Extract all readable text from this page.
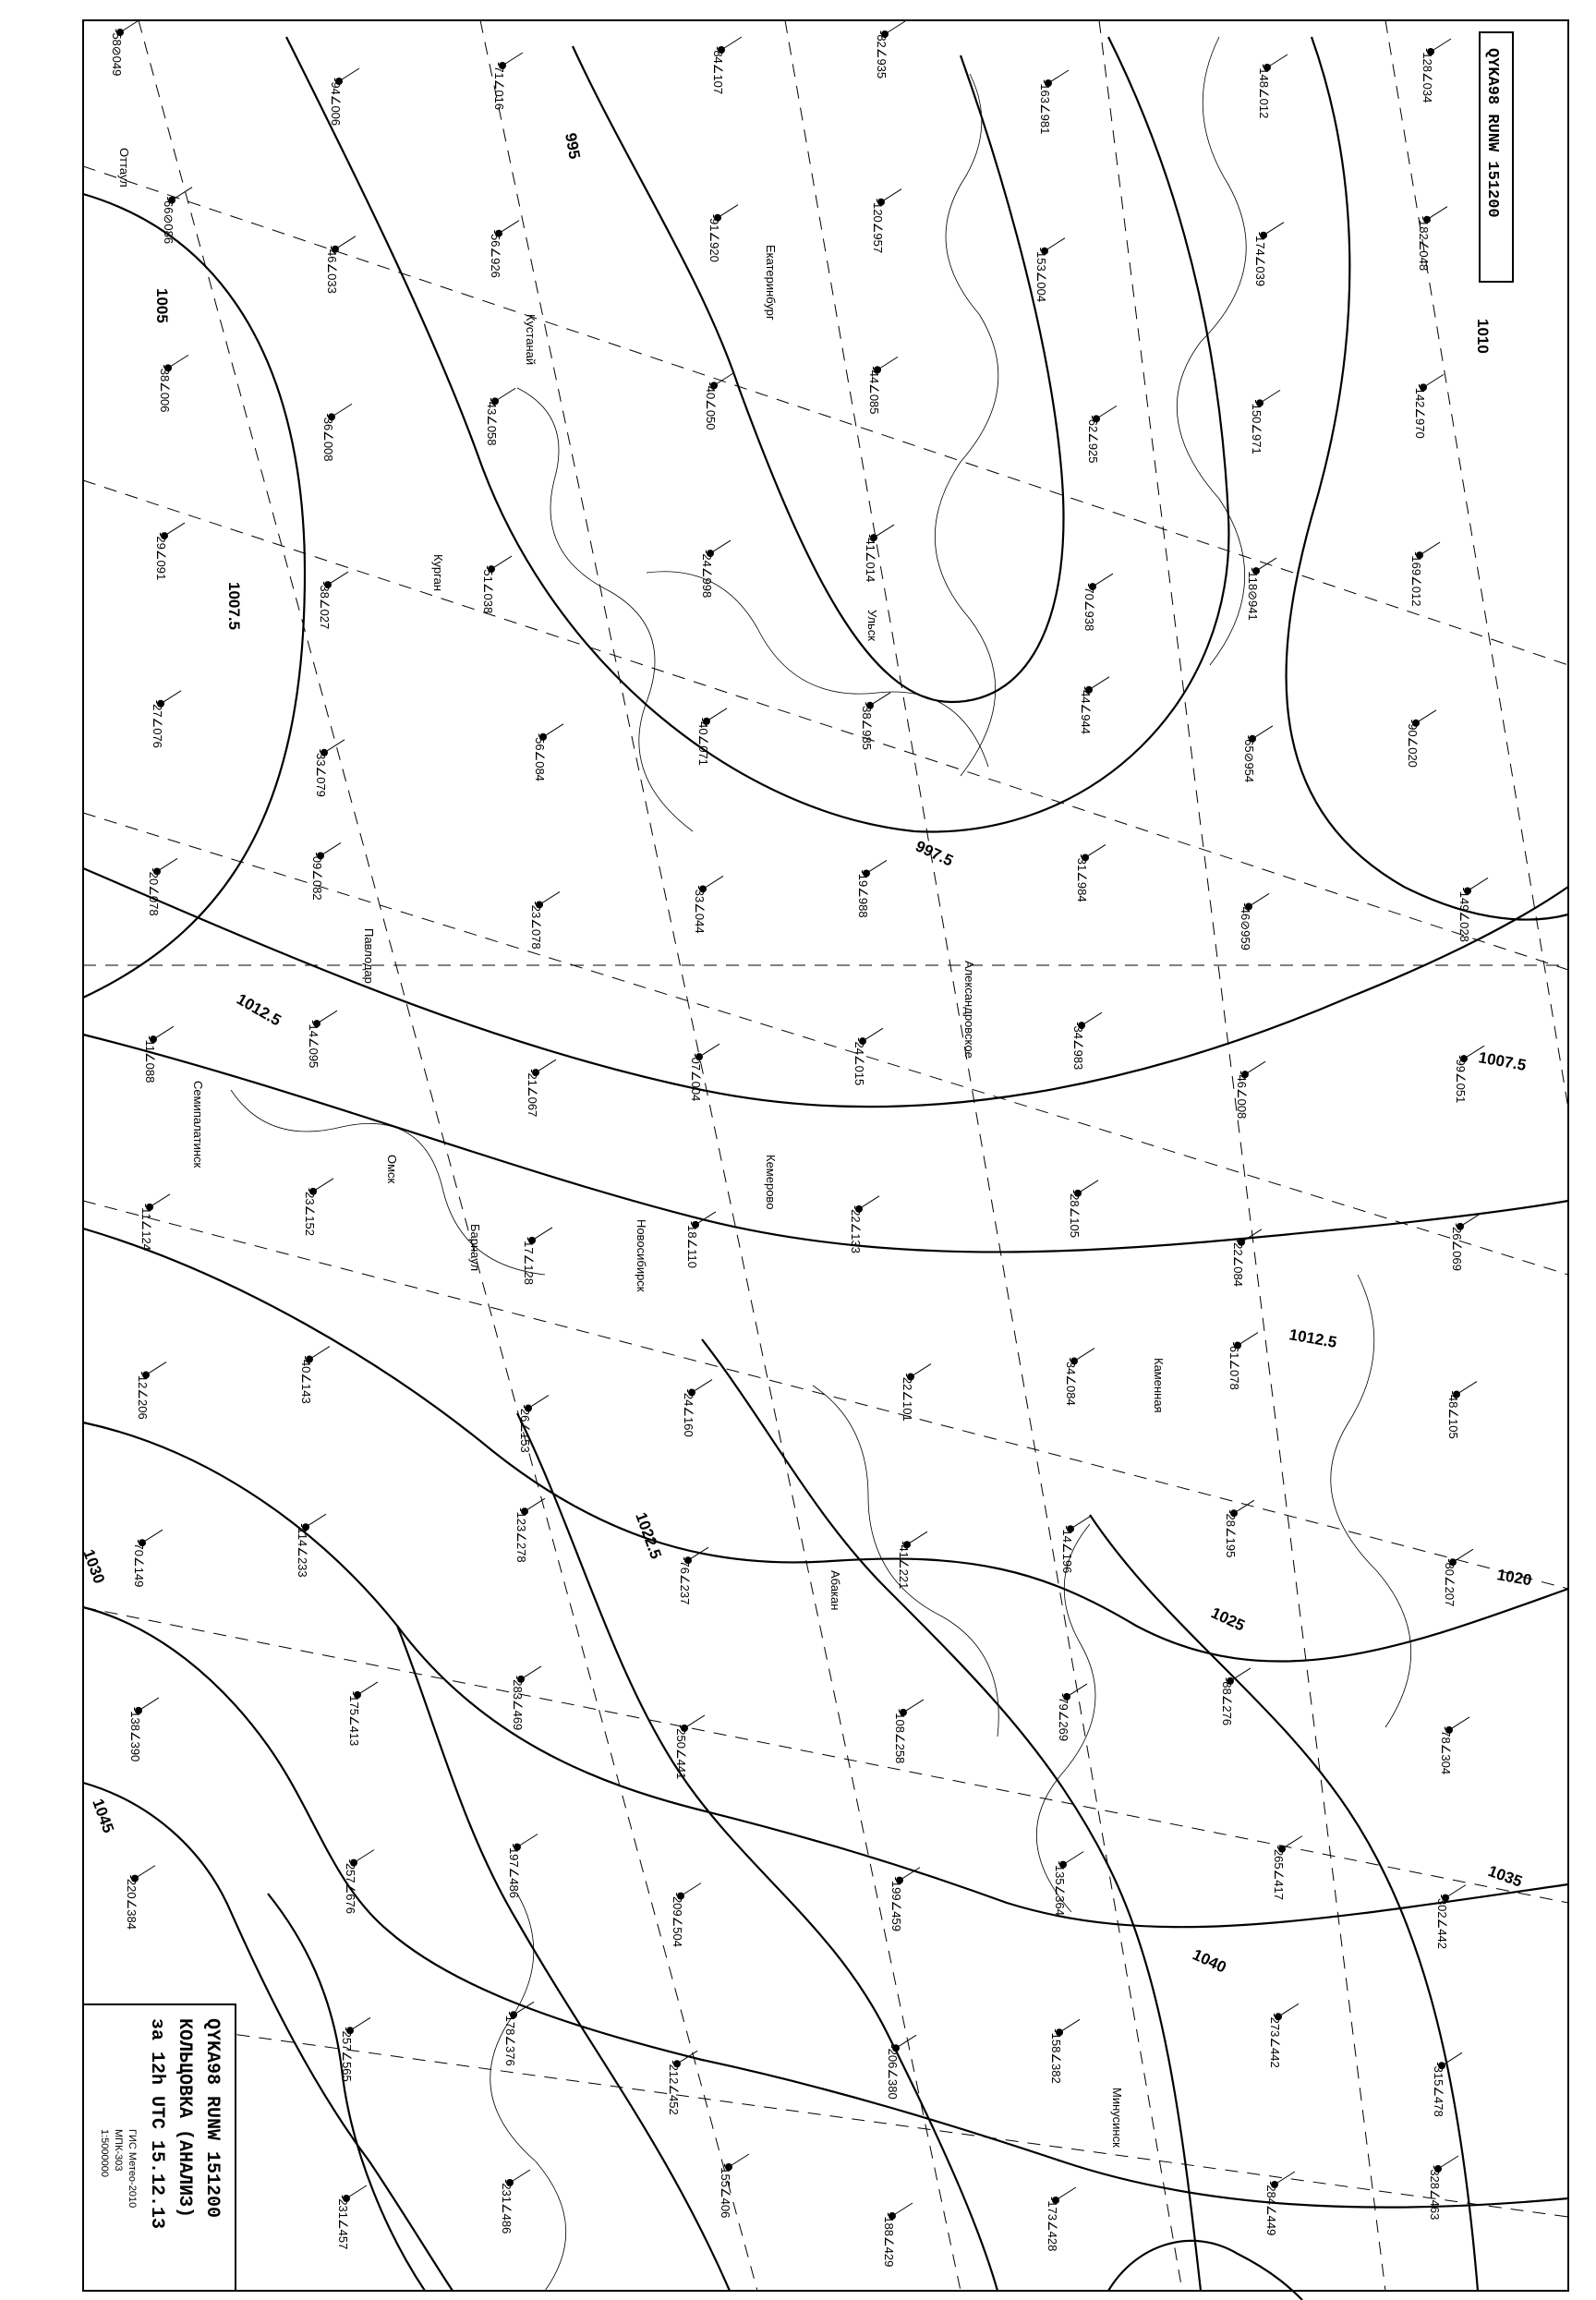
1005
1007.5
1012.5
1010
995
997.5
1007.5
1012.5
1020
1022.5
1025
1030
1035
1040
1045
Оттаул
Кустанай
Курган
Екатеринбург
Ульск
Александровское
Павлодар
Семипалатинск
Барнаул
Омск
Новосибирск
Кемерово
Каменная
Абакан
Минусинск
-58⊘049
-94∠006	-71∠016	-84∠107	-82∠935
-163∠981	-148∠012	-128∠034
-66⊘086
-46∠033	-56∠926	-91∠920	-120∠957
-153∠004	-174∠039	-182∠048
-38∠006
-36∠008	-43∠058	-40∠050	-44∠085
-62∠925	-150∠971	-142∠970
-29∠091
-38∠027	-51∠038	-24∠998	-41∠014
-70∠938	-118⊘941	-169∠012
-27∠076
-33∠079	-56∠084	-40∠071	-38∠985	-44∠944
-65⊘954	-90∠020
-20∠078	-09∠082
-23∠078	-33∠044	-19∠988	-31∠984
-46⊘959	-149∠028
-11∠088	-14∠095
-21∠067	-07∠004	-24∠015	-34∠983
-46∠008	-99∠051
-11∠124	-23∠152
-17∠128	-18∠110	-22∠133	-28∠105
-22∠084	-26∠069
-12∠206	-40∠143
-26∠153	-24∠160	-22∠101	-34∠084	-61∠078
-48∠105
-70∠149	-114∠233	-123∠278
-76∠237	-41∠221	-14∠196	-28∠195
-80∠207
-138∠390	-175∠413	-283∠469
-250∠441	-108∠258	-79∠269	-88∠276
-78∠304
-220∠384	-257∠676	-197∠486
-209∠504	-199∠459	-135∠364	-265∠417
-302∠442
-257∠565	-178∠376
-212∠452	-206∠380	-158∠382	-273∠442
-315∠478
-231∠457	-231∠486	-155∠406
-188∠429	-173∠428	-284∠449	-328∠463
QYKA98 RUNW 151200
QYKA98 RUNW 151200
КОЛЬЦОВКА (АНАЛИЗ)
за 12h UTC 15.12.13
ГИС Метео-2010
МПК-303
1:5000000
